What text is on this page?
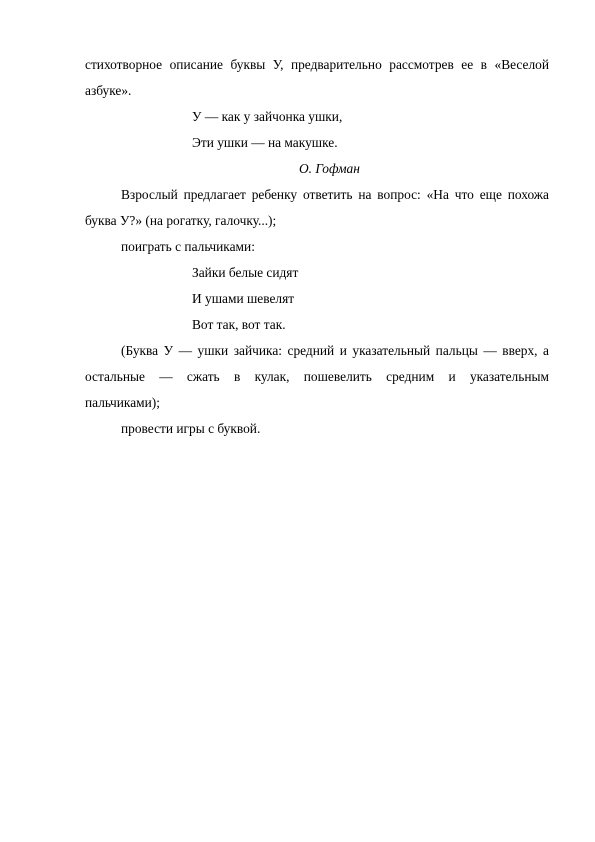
стихотворное описание буквы У, предварительно рассмотрев ее в «Веселой
азбуке».
У — как у зайчонка ушки,
Эти ушки — на макушке.
О. Гофман
Взрослый предлагает ребенку ответить на вопрос: «На что еще похожа
буква У?» (на рогатку, галочку...);
поиграть с пальчиками:
Зайки белые сидят
И ушами шевелят
Вот так, вот так.
(Буква У — ушки зайчика: средний и указательный пальцы — вверх, а
остальные — сжать в кулак, пошевелить средним и указательным
пальчиками);
провести игры с буквой.
